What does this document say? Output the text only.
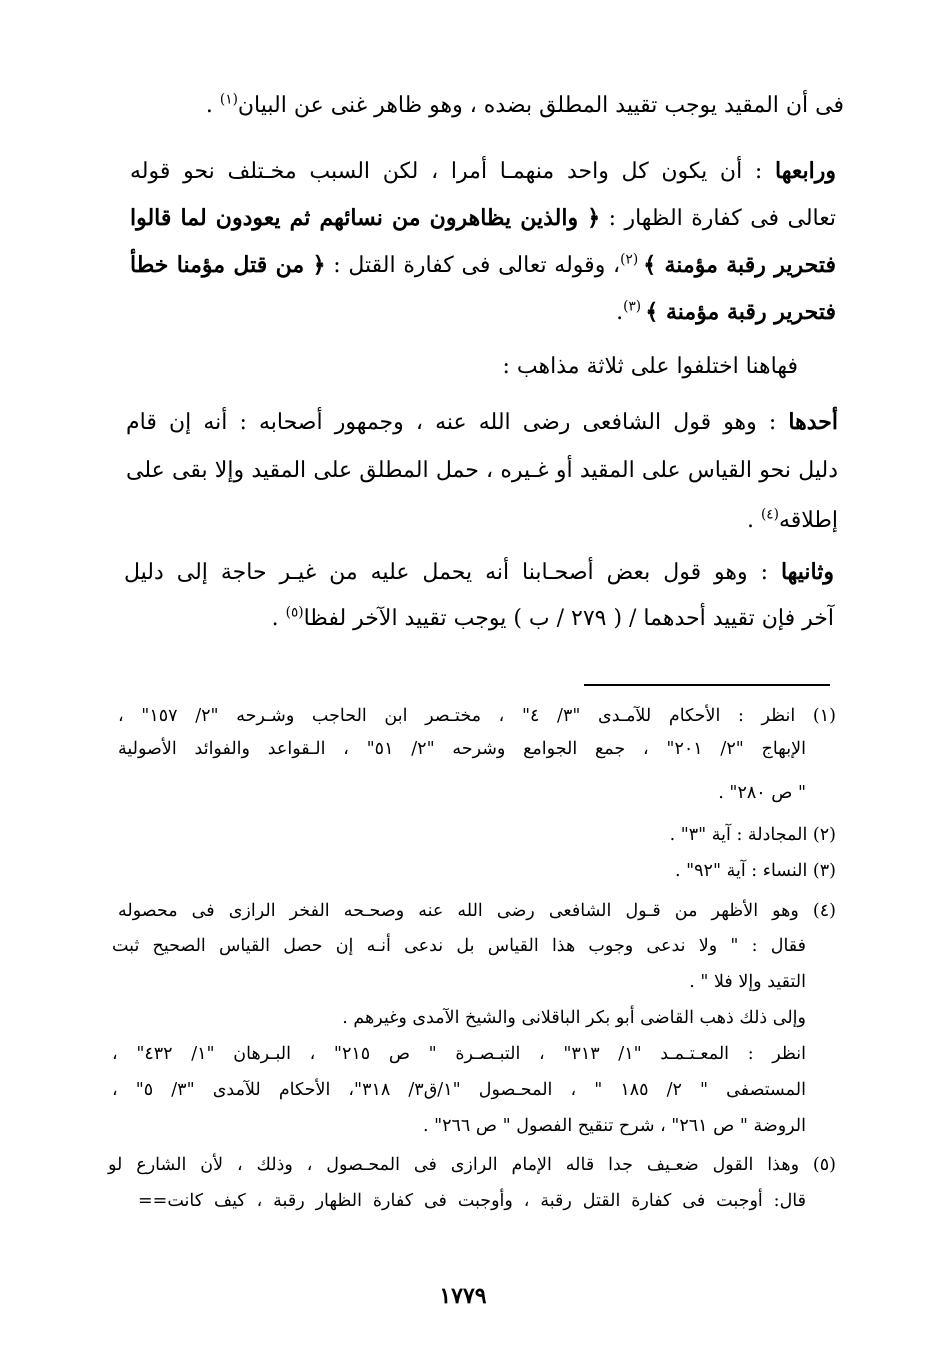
فى أن المقيد يوجب تقييد المطلق بضده ، وهو ظاهر غنى عن البيان$^{(١)}$ .

ورابعها : أن يكون كل واحد منهمـا أمرا ، لكن السبب مخـتلف نحو قوله

تعالى فى كفارة الظهار : ﴿ والذين يظاهرون من نسائهم ثم يعودون لما قالوا

فتحرير رقبة مؤمنة ﴾ $^{(٢)}$، وقوله تعالى فى كفارة القتل : ﴿ من قتل مؤمنا خطأ

فتحرير رقبة مؤمنة ﴾ $^{(٣)}$.

فهاهنا اختلفوا على ثلاثة مذاهب :

أحدها : وهو قول الشافعى رضى الله عنه ، وجمهور أصحابه : أنه إن قام

دليل نحو القياس على المقيد أو غـيره ، حمل المطلق على المقيد وإلا بقى على

إطلاقه$^{(٤)}$ .

وثانيها : وهو قول بعض أصحـابنا أنه يحمل عليه من غيـر حاجة إلى دليل

آخر فإن تقييد أحدهما / ( ٢٧٩ / ب ) يوجب تقييد الآخر لفظا$^{(٥)}$ .

(١) انظر : الأحكام للآمـدى "٣/ ٤" ، مختـصر ابن الحاجب وشـرحه "٢/ ١٥٧" ،

الإبهاج "٢/ ٢٠١" ، جمع الجوامع وشرحه "٢/ ٥١" ، الـقواعد والفوائد الأصولية

" ص ٢٨٠" .

(٢) المجادلة : آية "٣" .

(٣) النساء : آية "٩٢" .

(٤) وهو الأظهر من قـول الشافعى رضى الله عنه وصحـحه الفخر الرازى فى محصوله

فقال : " ولا ندعى وجوب هذا القياس بل ندعى أنـه إن حصل القياس الصحيح ثبت

التقيد وإلا فلا " .

وإلى ذلك ذهب القاضى أبو بكر الباقلانى والشيخ الآمدى وغيرهم .

انظر : المعـتـمـد "١/ ٣١٣" ، التبـصـرة " ص ٢١٥" ، البـرهان "١/ ٤٣٢" ،

المستصفى " ٢/ ١٨٥ " ، المحـصول "١/ق٣/ ٣١٨"، الأحكام للآمدى "٣/ ٥" ،

الروضة " ص ٢٦١" ، شرح تنقيح الفصول " ص ٢٦٦" .

(٥) وهذا القول ضعـيف جدا قاله الإمام الرازى فى المحـصول ، وذلك ، لأن الشارع لو

قال: أوجبت فى كفارة القتل رقبة ، وأوجبت فى كفارة الظهار رقبة ، كيف كانت==

١٧٧٩
